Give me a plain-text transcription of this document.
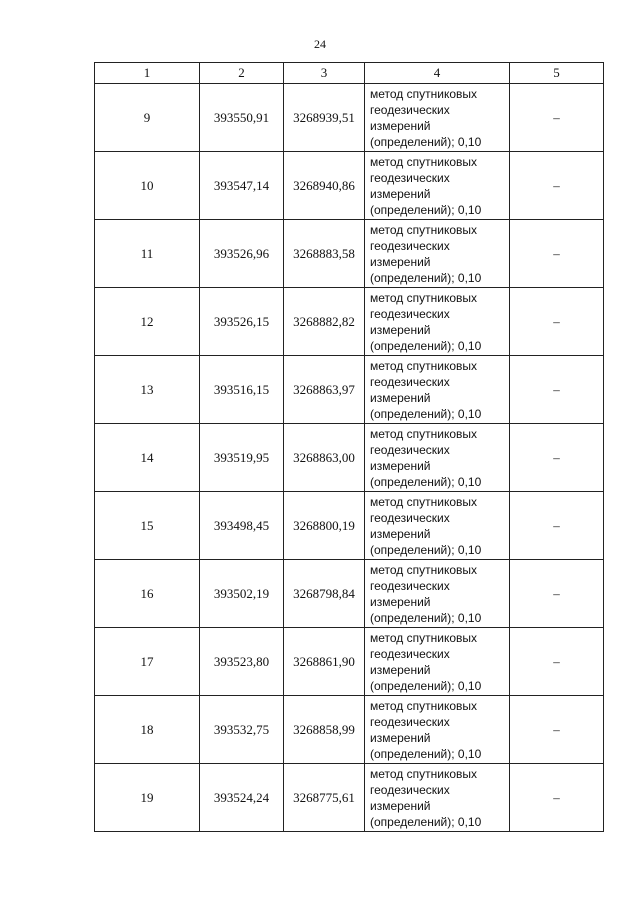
24
1	2	3	4	5
9	393550,91	3268939,51	метод спутниковых
геодезических
измерений
(определений); 0,10	–
10	393547,14	3268940,86	метод спутниковых
геодезических
измерений
(определений); 0,10	–
11	393526,96	3268883,58	метод спутниковых
геодезических
измерений
(определений); 0,10	–
12	393526,15	3268882,82	метод спутниковых
геодезических
измерений
(определений); 0,10	–
13	393516,15	3268863,97	метод спутниковых
геодезических
измерений
(определений); 0,10	–
14	393519,95	3268863,00	метод спутниковых
геодезических
измерений
(определений); 0,10	–
15	393498,45	3268800,19	метод спутниковых
геодезических
измерений
(определений); 0,10	–
16	393502,19	3268798,84	метод спутниковых
геодезических
измерений
(определений); 0,10	–
17	393523,80	3268861,90	метод спутниковых
геодезических
измерений
(определений); 0,10	–
18	393532,75	3268858,99	метод спутниковых
геодезических
измерений
(определений); 0,10	–
19	393524,24	3268775,61	метод спутниковых
геодезических
измерений
(определений); 0,10	–
